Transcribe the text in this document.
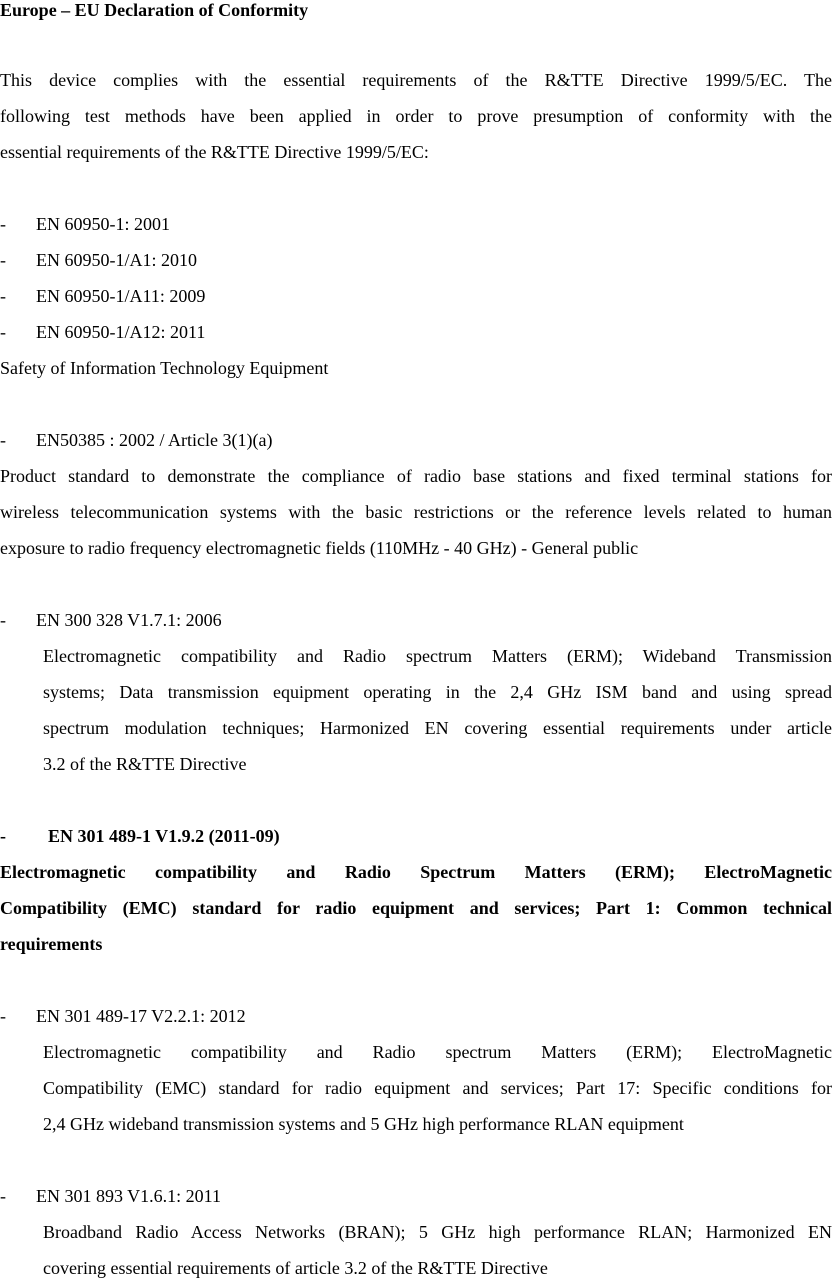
Europe – EU Declaration of Conformity
This device complies with the essential requirements of the R&TTE Directive 1999/5/EC. The
following test methods have been applied in order to prove presumption of conformity with the
essential requirements of the R&TTE Directive 1999/5/EC:
- EN 60950-1: 2001
- EN 60950-1/A1: 2010
- EN 60950-1/A11: 2009
- EN 60950-1/A12: 2011
Safety of Information Technology Equipment
- EN50385 : 2002 / Article 3(1)(a)
Product standard to demonstrate the compliance of radio base stations and fixed terminal stations for
wireless telecommunication systems with the basic restrictions or the reference levels related to human
exposure to radio frequency electromagnetic fields (110MHz - 40 GHz) - General public
- EN 300 328 V1.7.1: 2006
Electromagnetic compatibility and Radio spectrum Matters (ERM); Wideband Transmission
systems; Data transmission equipment operating in the 2,4 GHz ISM band and using spread
spectrum modulation techniques; Harmonized EN covering essential requirements under article
3.2 of the R&TTE Directive
- EN 301 489-1 V1.9.2 (2011-09)
Electromagnetic compatibility and Radio Spectrum Matters (ERM); ElectroMagnetic
Compatibility (EMC) standard for radio equipment and services; Part 1: Common technical
requirements
- EN 301 489-17 V2.2.1: 2012
Electromagnetic compatibility and Radio spectrum Matters (ERM); ElectroMagnetic
Compatibility (EMC) standard for radio equipment and services; Part 17: Specific conditions for
2,4 GHz wideband transmission systems and 5 GHz high performance RLAN equipment
- EN 301 893 V1.6.1: 2011
Broadband Radio Access Networks (BRAN); 5 GHz high performance RLAN; Harmonized EN
covering essential requirements of article 3.2 of the R&TTE Directive
